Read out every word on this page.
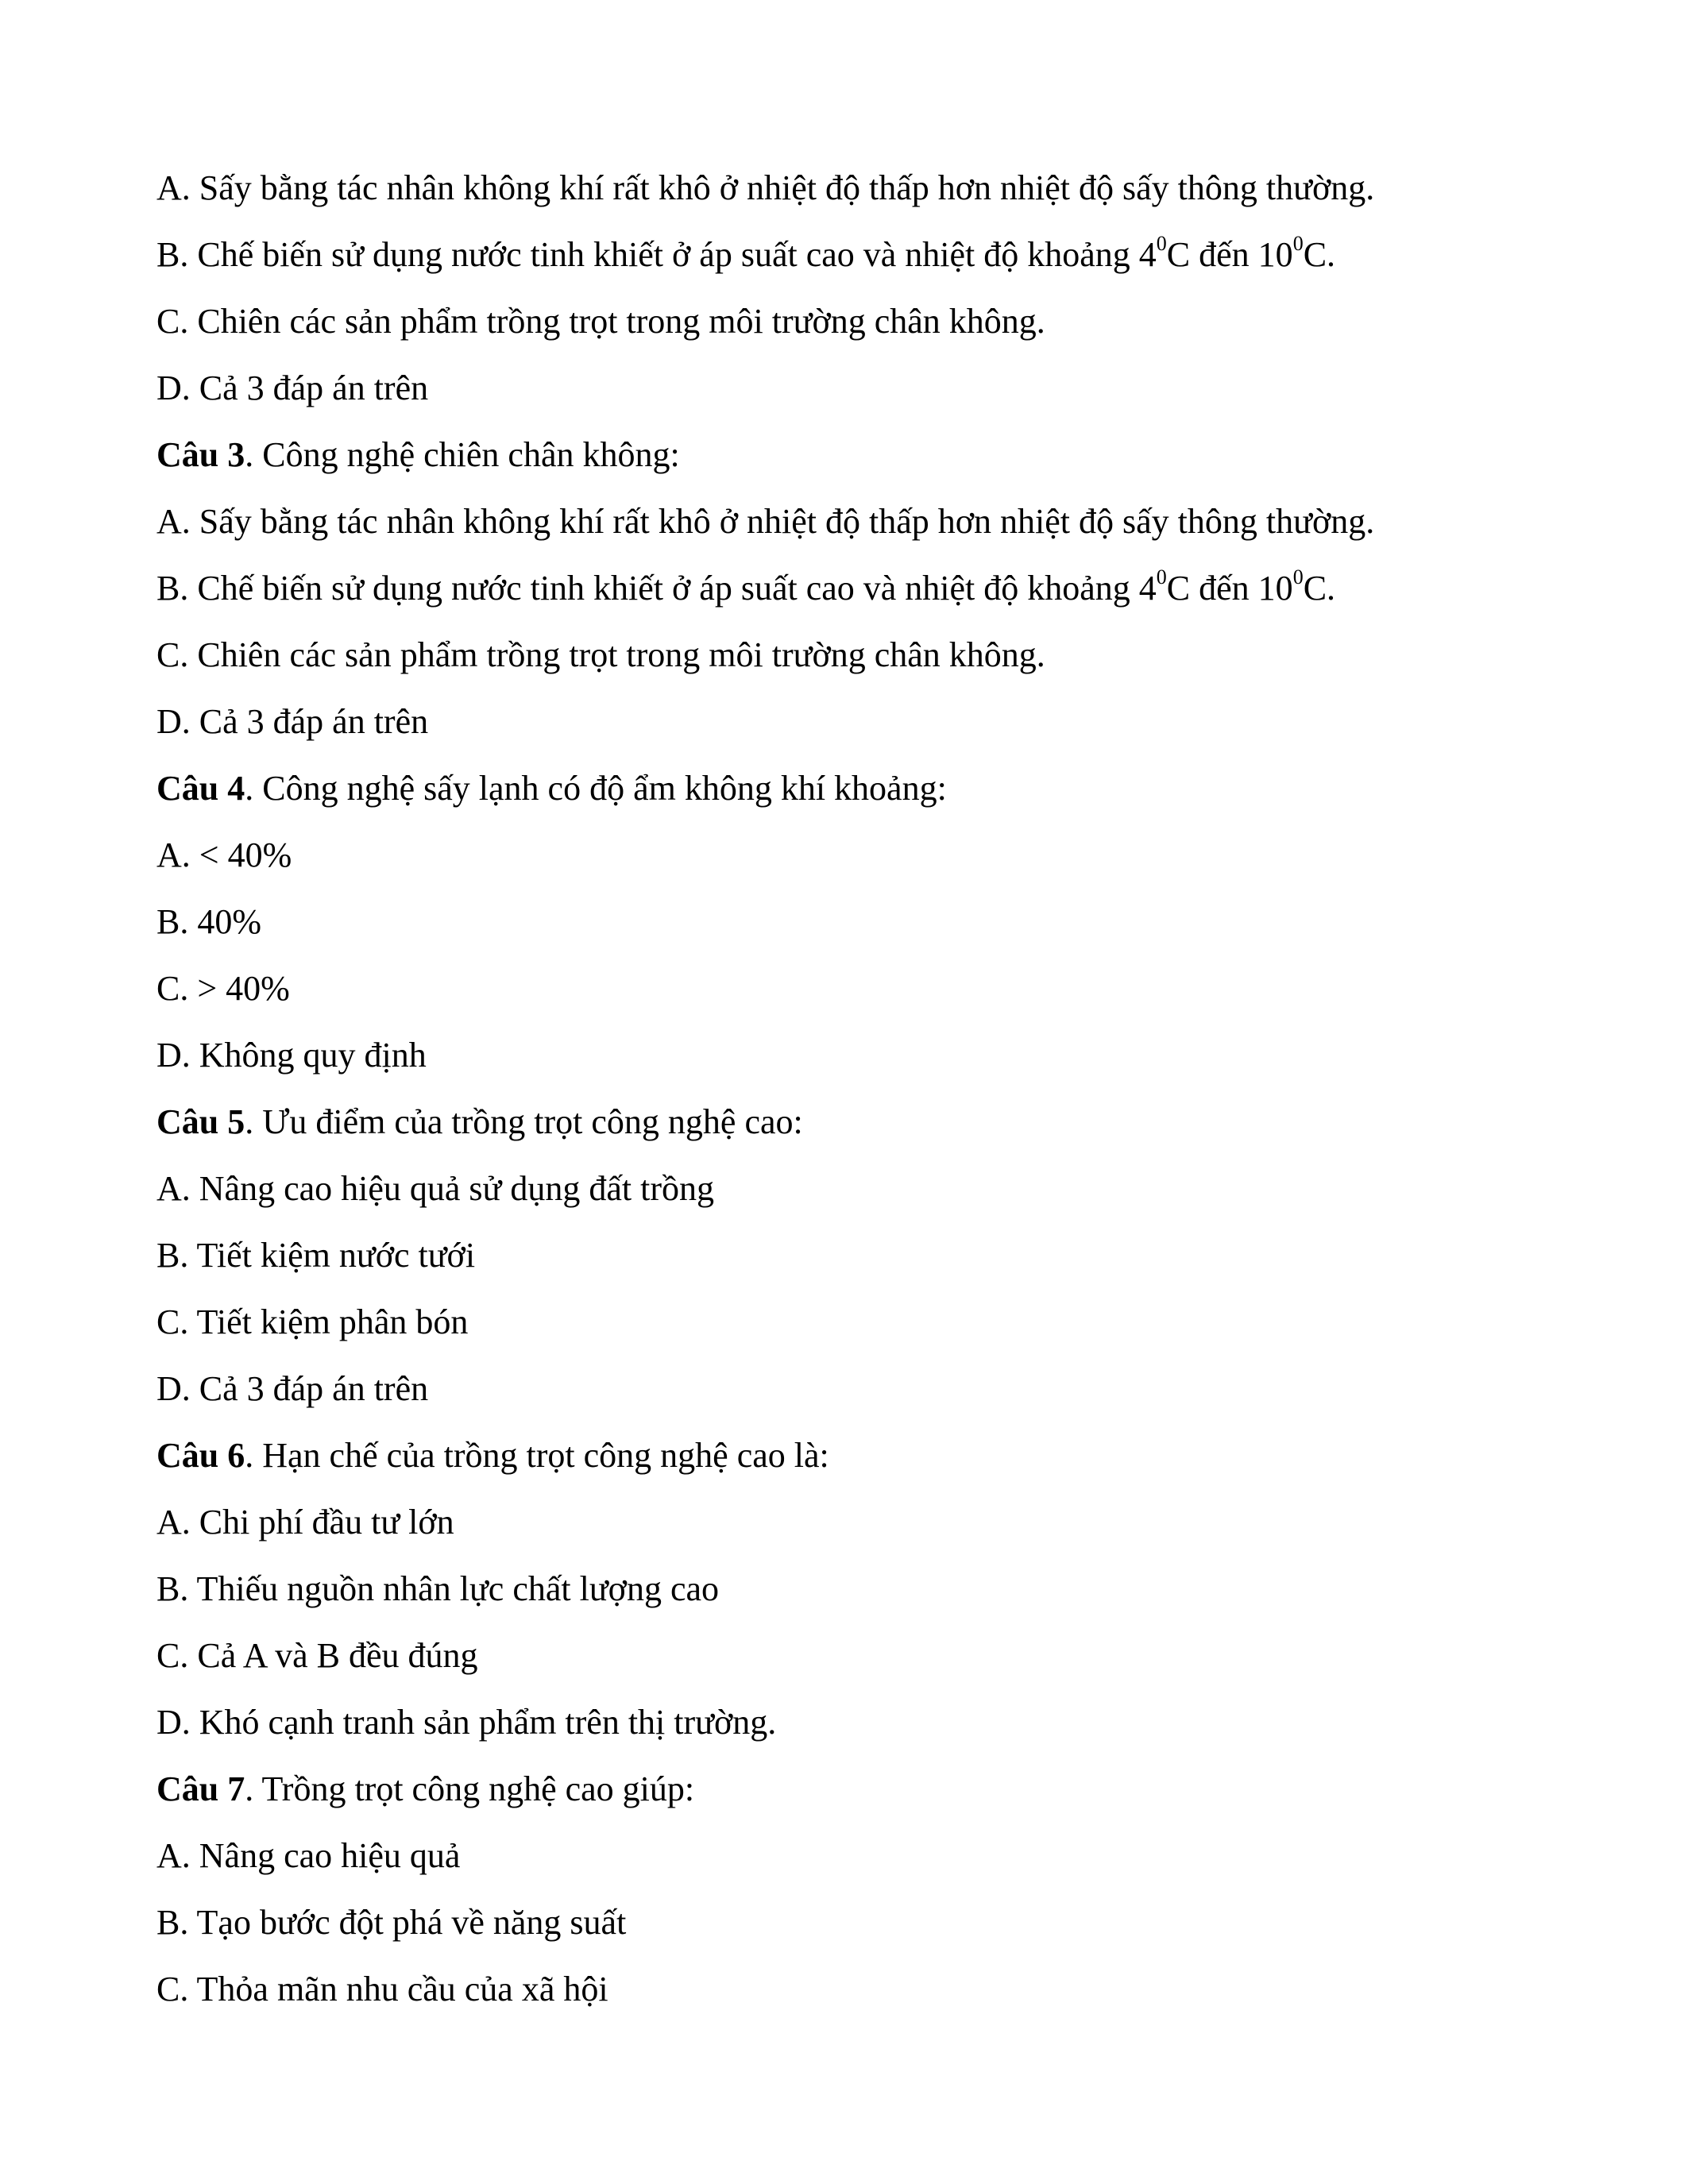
A. Sấy bằng tác nhân không khí rất khô ở nhiệt độ thấp hơn nhiệt độ sấy thông thường.
B. Chế biến sử dụng nước tinh khiết ở áp suất cao và nhiệt độ khoảng $4^0C$ đến $10^0C$.
C. Chiên các sản phẩm trồng trọt trong môi trường chân không.
D. Cả 3 đáp án trên
Câu 3. Công nghệ chiên chân không:
A. Sấy bằng tác nhân không khí rất khô ở nhiệt độ thấp hơn nhiệt độ sấy thông thường.
B. Chế biến sử dụng nước tinh khiết ở áp suất cao và nhiệt độ khoảng $4^0C$ đến $10^0C$.
C. Chiên các sản phẩm trồng trọt trong môi trường chân không.
D. Cả 3 đáp án trên
Câu 4. Công nghệ sấy lạnh có độ ẩm không khí khoảng:
A. < 40%
B. 40%
C. > 40%
D. Không quy định
Câu 5. Ưu điểm của trồng trọt công nghệ cao:
A. Nâng cao hiệu quả sử dụng đất trồng
B. Tiết kiệm nước tưới
C. Tiết kiệm phân bón
D. Cả 3 đáp án trên
Câu 6. Hạn chế của trồng trọt công nghệ cao là:
A. Chi phí đầu tư lớn
B. Thiếu nguồn nhân lực chất lượng cao
C. Cả A và B đều đúng
D. Khó cạnh tranh sản phẩm trên thị trường.
Câu 7. Trồng trọt công nghệ cao giúp:
A. Nâng cao hiệu quả
B. Tạo bước đột phá về năng suất
C. Thỏa mãn nhu cầu của xã hội
